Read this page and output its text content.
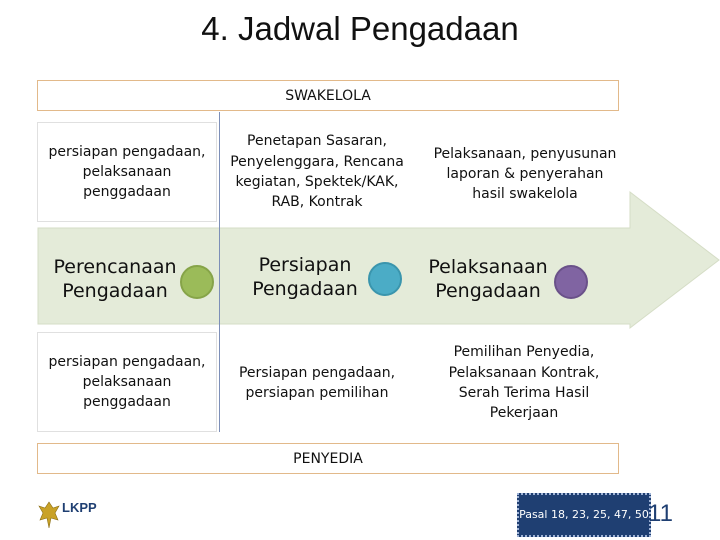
4. Jadwal Pengadaan
SWAKELOLA
persiapan pengadaan, pelaksanaan penggadaan
Penetapan Sasaran, Penyelenggara, Rencana kegiatan, Spektek/KAK, RAB, Kontrak
Pelaksanaan, penyusunan laporan & penyerahan hasil swakelola
Perencanaan Pengadaan
Persiapan Pengadaan
Pelaksanaan Pengadaan
persiapan pengadaan, pelaksanaan penggadaan
Persiapan pengadaan, persiapan pemilihan
Pemilihan Penyedia, Pelaksanaan Kontrak, Serah Terima Hasil Pekerjaan
PENYEDIA
LKPP	Pasal 18, 23, 25, 47, 50 11
